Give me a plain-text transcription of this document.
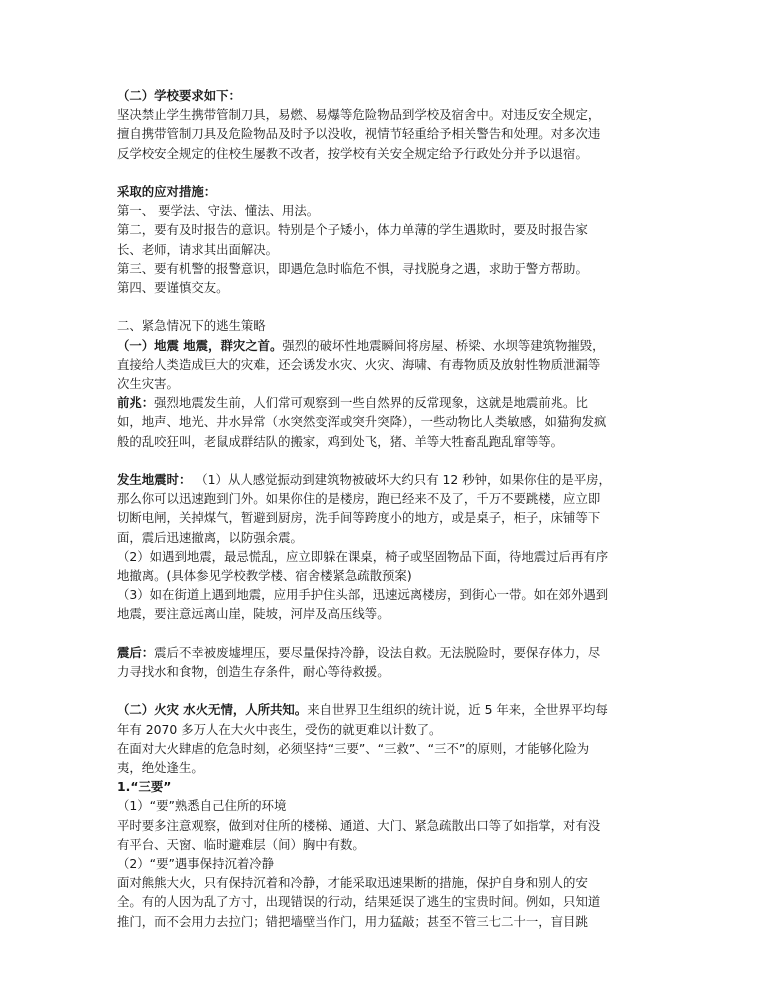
（二）学校要求如下：

坚决禁止学生携带管制刀具，易燃、易爆等危险物品到学校及宿舍中。对违反安全规定，

擅自携带管制刀具及危险物品及时予以没收，视情节轻重给予相关警告和处理。对多次违

反学校安全规定的住校生屡教不改者，按学校有关安全规定给予行政处分并予以退宿。

采取的应对措施：

第一、 要学法、守法、懂法、用法。

第二，要有及时报告的意识。特别是个子矮小，体力单薄的学生遇欺时，要及时报告家

长、老师，请求其出面解决。

第三、要有机警的报警意识，即遇危急时临危不惧，寻找脱身之遇，求助于警方帮助。

第四、要谨慎交友。

二、紧急情况下的逃生策略

（一）地震 地震，群灾之首。强烈的破坏性地震瞬间将房屋、桥梁、水坝等建筑物摧毁，

直接给人类造成巨大的灾难，还会诱发水灾、火灾、海啸、有毒物质及放射性物质泄漏等

次生灾害。

前兆：强烈地震发生前，人们常可观察到一些自然界的反常现象，这就是地震前兆。比

如，地声、地光、井水异常（水突然变浑或突升突降），一些动物比人类敏感，如猫狗发疯

般的乱咬狂叫，老鼠成群结队的搬家，鸡到处飞，猪、羊等大牲畜乱跑乱窜等等。

发生地震时： （1）从人感觉振动到建筑物被破坏大约只有 12 秒钟，如果你住的是平房，

那么你可以迅速跑到门外。如果你住的是楼房，跑已经来不及了，千万不要跳楼，应立即

切断电闸，关掉煤气，暂避到厨房，洗手间等跨度小的地方，或是桌子，柜子，床铺等下

面，震后迅速撤离，以防强余震。

（2）如遇到地震，最忌慌乱，应立即躲在课桌，椅子或坚固物品下面，待地震过后再有序

地撤离。(具体参见学校教学楼、宿舍楼紧急疏散预案)

（3）如在街道上遇到地震，应用手护住头部，迅速远离楼房，到街心一带。如在郊外遇到

地震，要注意远离山崖，陡坡，河岸及高压线等。

震后：震后不幸被废墟埋压，要尽量保持冷静，设法自救。无法脱险时，要保存体力，尽

力寻找水和食物，创造生存条件，耐心等待救援。

（二）火灾 水火无情，人所共知。来自世界卫生组织的统计说，近 5 年来，全世界平均每

年有 2070 多万人在大火中丧生，受伤的就更难以计数了。

在面对大火肆虐的危急时刻，必须坚持“三要”、“三救”、“三不”的原则，才能够化险为

夷，绝处逢生。

1.“三要”

（1）“要”熟悉自己住所的环境

平时要多注意观察，做到对住所的楼梯、通道、大门、紧急疏散出口等了如指掌，对有没

有平台、天窗、临时避难层（间）胸中有数。

（2）“要”遇事保持沉着冷静

面对熊熊大火，只有保持沉着和冷静，才能采取迅速果断的措施，保护自身和别人的安

全。有的人因为乱了方寸，出现错误的行动，结果延误了逃生的宝贵时间。例如，只知道

推门，而不会用力去拉门；错把墙壁当作门，用力猛敲；甚至不管三七二十一，盲目跳
